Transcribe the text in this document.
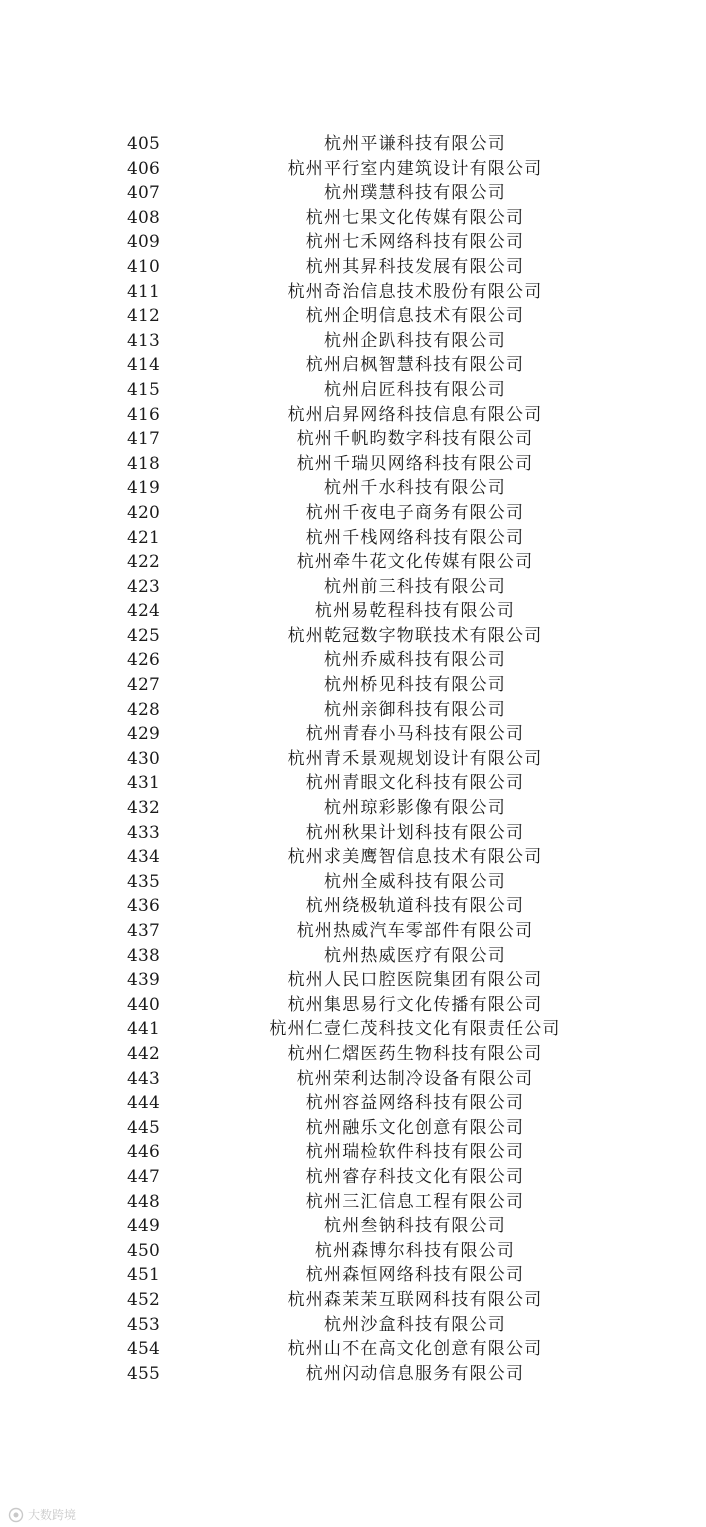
405	杭州平谦科技有限公司
406	杭州平行室内建筑设计有限公司
407	杭州璞慧科技有限公司
408	杭州七果文化传媒有限公司
409	杭州七禾网络科技有限公司
410	杭州其昇科技发展有限公司
411	杭州奇治信息技术股份有限公司
412	杭州企明信息技术有限公司
413	杭州企趴科技有限公司
414	杭州启枫智慧科技有限公司
415	杭州启匠科技有限公司
416	杭州启昇网络科技信息有限公司
417	杭州千帆昀数字科技有限公司
418	杭州千瑞贝网络科技有限公司
419	杭州千水科技有限公司
420	杭州千夜电子商务有限公司
421	杭州千栈网络科技有限公司
422	杭州牵牛花文化传媒有限公司
423	杭州前三科技有限公司
424	杭州易乾程科技有限公司
425	杭州乾冠数字物联技术有限公司
426	杭州乔威科技有限公司
427	杭州桥见科技有限公司
428	杭州亲御科技有限公司
429	杭州青春小马科技有限公司
430	杭州青禾景观规划设计有限公司
431	杭州青眼文化科技有限公司
432	杭州琼彩影像有限公司
433	杭州秋果计划科技有限公司
434	杭州求美鹰智信息技术有限公司
435	杭州全威科技有限公司
436	杭州绕极轨道科技有限公司
437	杭州热威汽车零部件有限公司
438	杭州热威医疗有限公司
439	杭州人民口腔医院集团有限公司
440	杭州集思易行文化传播有限公司
441	杭州仁壹仁茂科技文化有限责任公司
442	杭州仁熠医药生物科技有限公司
443	杭州荣利达制冷设备有限公司
444	杭州容益网络科技有限公司
445	杭州融乐文化创意有限公司
446	杭州瑞检软件科技有限公司
447	杭州睿存科技文化有限公司
448	杭州三汇信息工程有限公司
449	杭州叁钠科技有限公司
450	杭州森博尔科技有限公司
451	杭州森恒网络科技有限公司
452	杭州森茉茉互联网科技有限公司
453	杭州沙盒科技有限公司
454	杭州山不在高文化创意有限公司
455	杭州闪动信息服务有限公司
大数跨境
